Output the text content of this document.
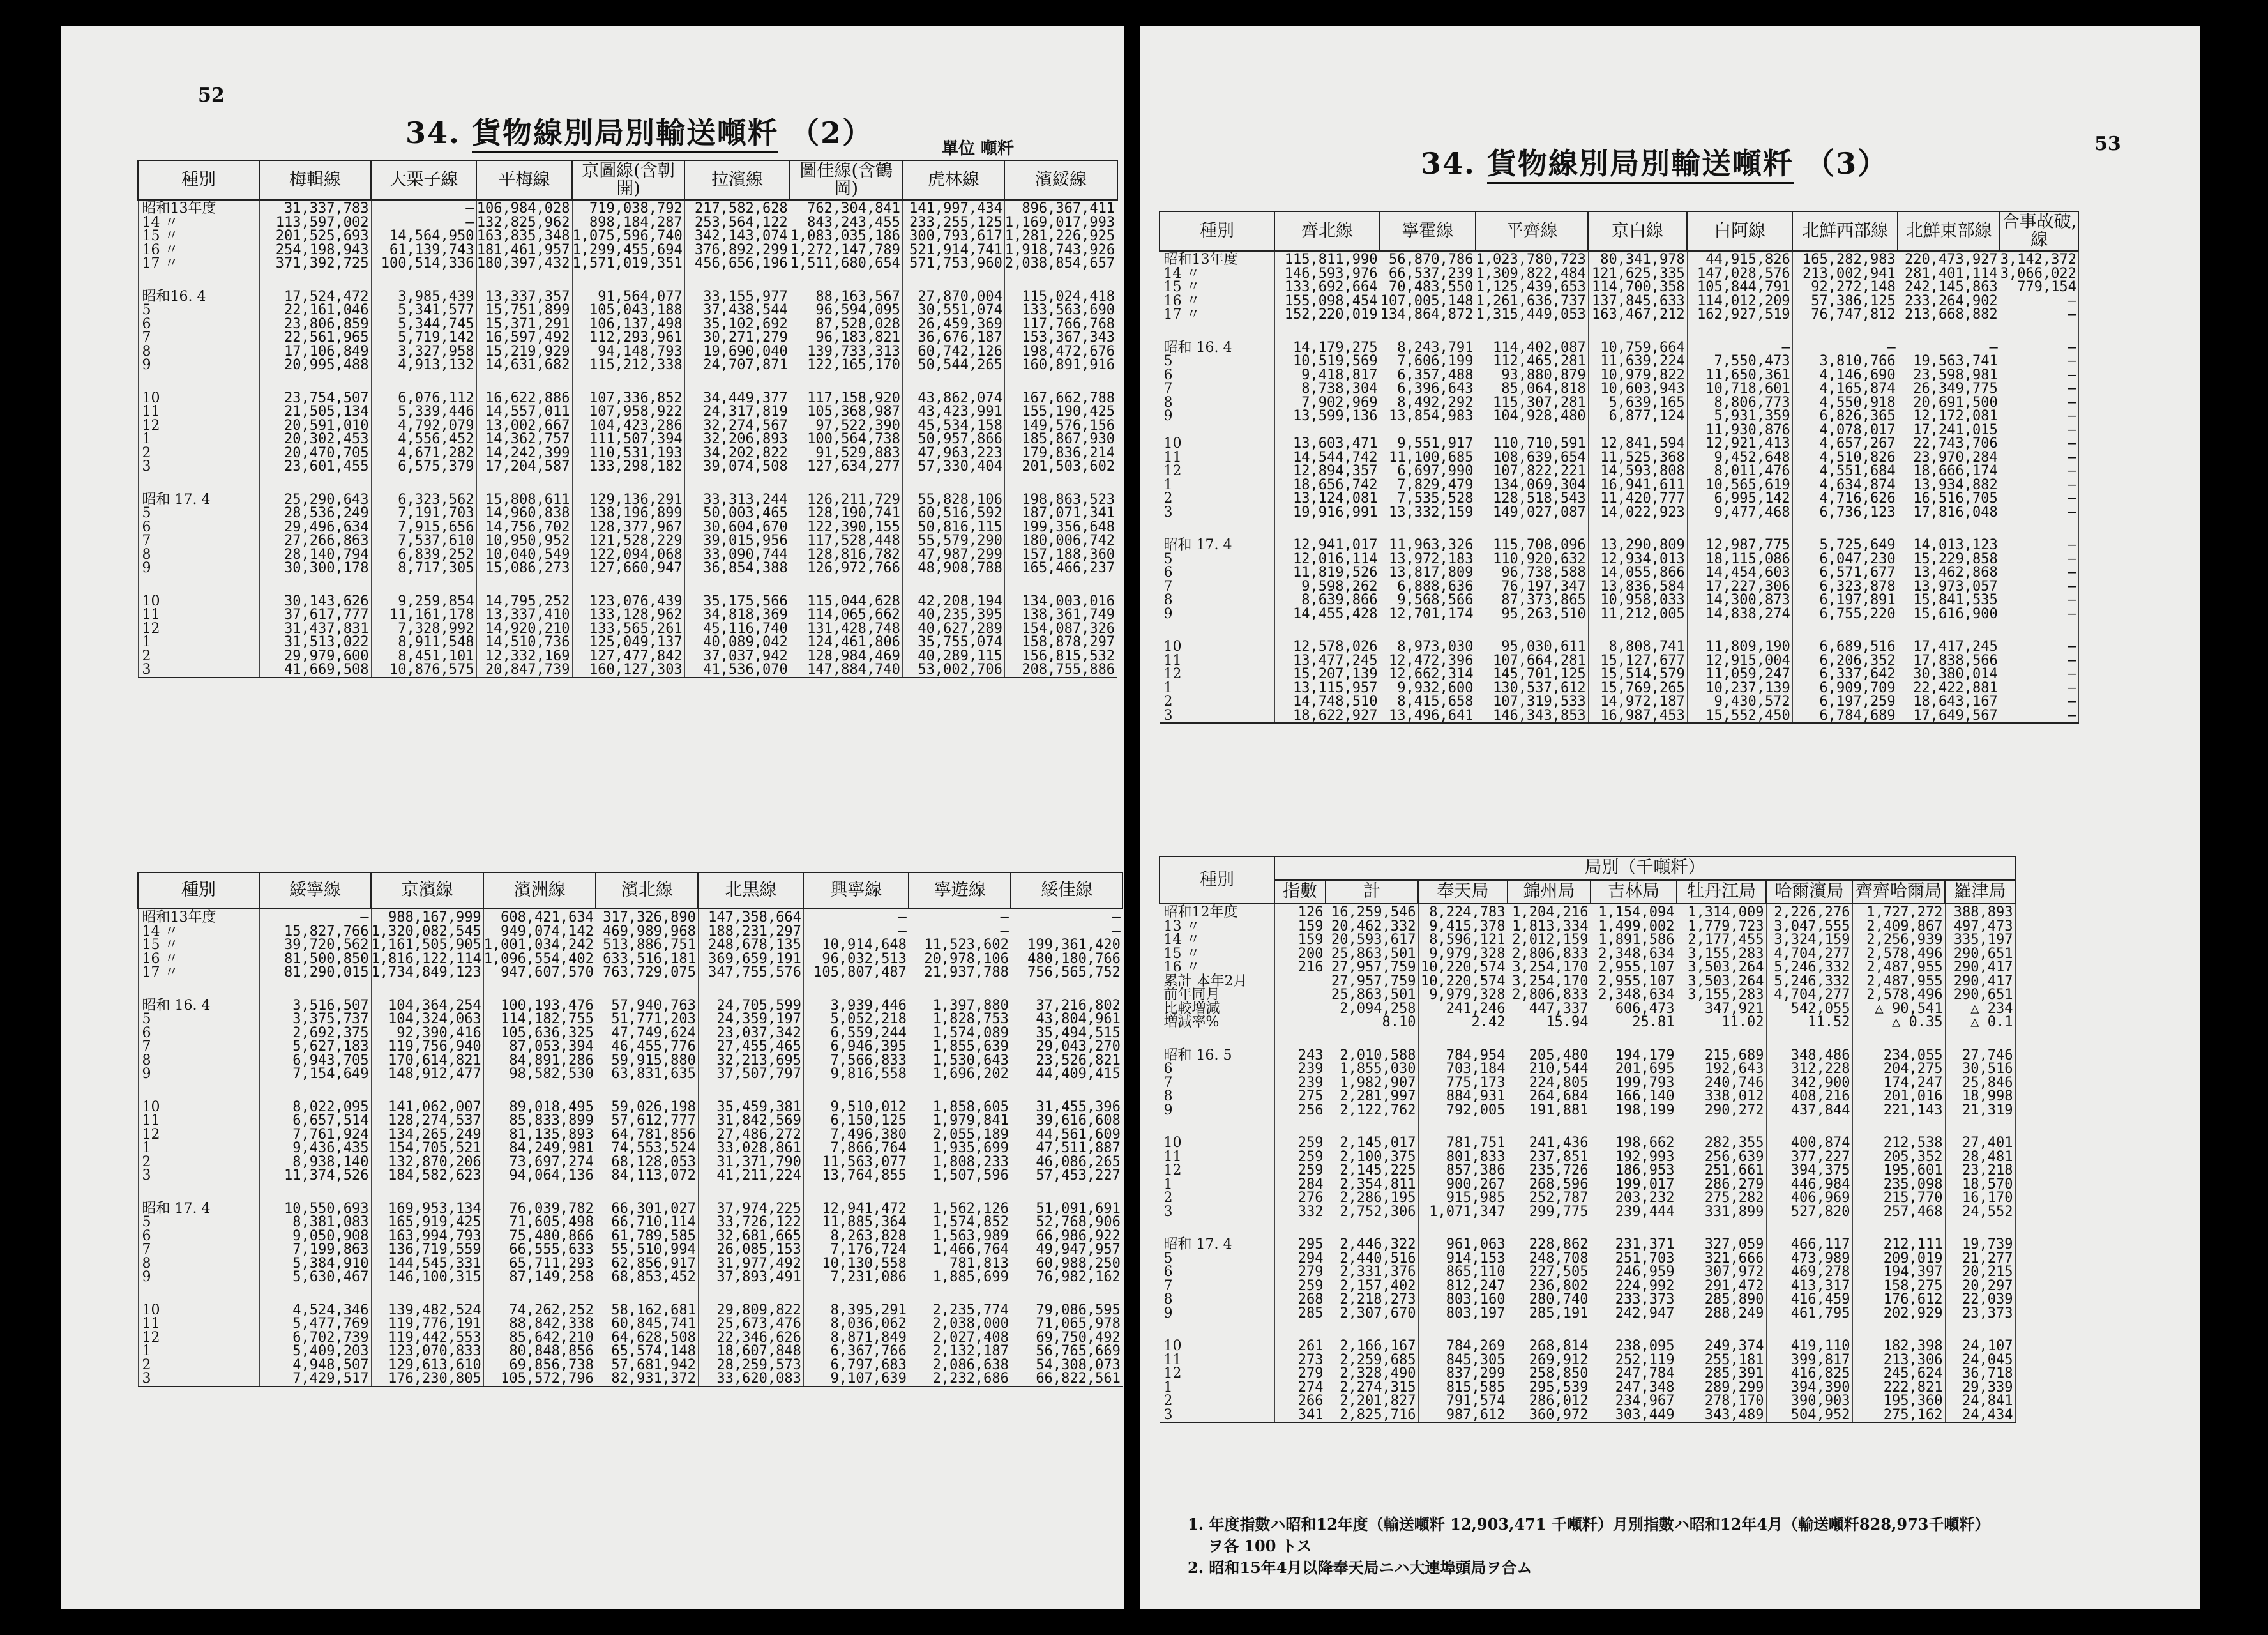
52
34. 貨物線別局別輸送噸粁 （2）	單位 噸粁
種別	梅輯線	大栗子線	平梅線	京圖線(含朝開)	拉濱線	圖佳線(含鶴岡)	虎林線	濱綏線
昭和13年度	31,337,783	—	106,984,028	719,038,792	217,582,628	762,304,841	141,997,434	896,367,411
14 〃	113,597,002	—	132,825,962	898,184,287	253,564,122	843,243,455	233,255,125	1,169,017,993
15 〃	201,525,693	14,564,950	163,835,348	1,075,596,740	342,143,074	1,083,035,186	300,793,617	1,281,226,925
16 〃	254,198,943	61,139,743	181,461,957	1,299,455,694	376,892,299	1,272,147,789	521,914,741	1,918,743,926
17 〃	371,392,725	100,514,336	180,397,432	1,571,019,351	456,656,196	1,511,680,654	571,753,960	2,038,854,657

昭和16. 4	17,524,472	3,985,439	13,337,357	91,564,077	33,155,977	88,163,567	27,870,004	115,024,418
5	22,161,046	5,341,577	15,751,899	105,043,188	37,438,544	96,594,095	30,551,074	133,563,690
6	23,806,859	5,344,745	15,371,291	106,137,498	35,102,692	87,528,028	26,459,369	117,766,768
7	22,561,965	5,719,142	16,597,492	112,293,961	30,271,279	96,183,821	36,676,187	153,367,343
8	17,106,849	3,327,958	15,219,929	94,148,793	19,690,040	139,733,313	60,742,126	198,472,676
9	20,995,488	4,913,132	14,631,682	115,212,338	24,707,871	122,165,170	50,544,265	160,891,916

10	23,754,507	6,076,112	16,622,886	107,336,852	34,449,377	117,158,920	43,862,074	167,662,788
11	21,505,134	5,339,446	14,557,011	107,958,922	24,317,819	105,368,987	43,423,991	155,190,425
12	20,591,010	4,792,079	13,002,667	104,423,286	32,274,567	97,522,390	45,534,158	149,576,156
1	20,302,453	4,556,452	14,362,757	111,507,394	32,206,893	100,564,738	50,957,866	185,867,930
2	20,470,705	4,671,282	14,242,399	110,531,193	34,202,822	91,529,883	47,963,223	179,836,214
3	23,601,455	6,575,379	17,204,587	133,298,182	39,074,508	127,634,277	57,330,404	201,503,602

昭和 17. 4	25,290,643	6,323,562	15,808,611	129,136,291	33,313,244	126,211,729	55,828,106	198,863,523
5	28,536,249	7,191,703	14,960,838	138,196,899	50,003,465	128,190,741	60,516,592	187,071,341
6	29,496,634	7,915,656	14,756,702	128,377,967	30,604,670	122,390,155	50,816,115	199,356,648
7	27,266,863	7,537,610	10,950,952	121,528,229	39,015,956	117,528,448	55,579,290	180,006,742
8	28,140,794	6,839,252	10,040,549	122,094,068	33,090,744	128,816,782	47,987,299	157,188,360
9	30,300,178	8,717,305	15,086,273	127,660,947	36,854,388	126,972,766	48,908,788	165,466,237

10	30,143,626	9,259,854	14,795,252	123,076,439	35,175,566	115,044,628	42,208,194	134,003,016
11	37,617,777	11,161,178	13,337,410	133,128,962	34,818,369	114,065,662	40,235,395	138,361,749
12	31,437,831	7,328,992	14,920,210	133,565,261	45,116,740	131,428,748	40,627,289	154,087,326
1	31,513,022	8,911,548	14,510,736	125,049,137	40,089,042	124,461,806	35,755,074	158,878,297
2	29,979,600	8,451,101	12,332,169	127,477,842	37,037,942	128,984,469	40,289,115	156,815,532
3	41,669,508	10,876,575	20,847,739	160,127,303	41,536,070	147,884,740	53,002,706	208,755,886
種別	綏寧線	京濱線	濱洲線	濱北線	北黒線	興寧線	寧遊線	綏佳線
昭和13年度	—	988,167,999	608,421,634	317,326,890	147,358,664	—	—	—
14 〃	15,827,766	1,320,082,545	949,074,142	469,989,968	188,231,297	—	—	—
15 〃	39,720,562	1,161,505,905	1,001,034,242	513,886,751	248,678,135	10,914,648	11,523,602	199,361,420
16 〃	81,500,850	1,816,122,114	1,096,554,402	633,516,181	369,659,191	96,032,513	20,978,106	480,180,766
17 〃	81,290,015	1,734,849,123	947,607,570	763,729,075	347,755,576	105,807,487	21,937,788	756,565,752

昭和 16. 4	3,516,507	104,364,254	100,193,476	57,940,763	24,705,599	3,939,446	1,397,880	37,216,802
5	3,375,737	104,324,063	114,182,755	51,771,203	24,359,197	5,052,218	1,828,753	43,804,961
6	2,692,375	92,390,416	105,636,325	47,749,624	23,037,342	6,559,244	1,574,089	35,494,515
7	5,627,183	119,756,940	87,053,394	46,455,776	27,455,465	6,946,395	1,855,639	29,043,270
8	6,943,705	170,614,821	84,891,286	59,915,880	32,213,695	7,566,833	1,530,643	23,526,821
9	7,154,649	148,912,477	98,582,530	63,831,635	37,507,797	9,816,558	1,696,202	44,409,415

10	8,022,095	141,062,007	89,018,495	59,026,198	35,459,381	9,510,012	1,858,605	31,455,396
11	6,657,514	128,274,537	85,833,899	57,612,777	31,842,569	6,150,125	1,979,841	39,616,608
12	7,761,924	134,265,249	81,135,893	64,781,856	27,486,272	7,496,380	2,055,189	44,561,609
1	9,436,435	154,705,521	84,249,981	74,553,524	33,028,861	7,866,764	1,935,699	47,511,887
2	8,938,140	132,870,206	73,697,274	68,128,053	31,371,790	11,563,077	1,808,233	46,086,265
3	11,374,526	184,582,623	94,064,136	84,113,072	41,211,224	13,764,855	1,507,596	57,453,227

昭和 17. 4	10,550,693	169,953,134	76,039,782	66,301,027	37,974,225	12,941,472	1,562,126	51,091,691
5	8,381,083	165,919,425	71,605,498	66,710,114	33,726,122	11,885,364	1,574,852	52,768,906
6	9,050,908	163,994,793	75,480,866	61,789,585	32,681,665	8,263,828	1,563,989	66,986,922
7	7,199,863	136,719,559	66,555,633	55,510,994	26,085,153	7,176,724	1,466,764	49,947,957
8	5,384,910	144,545,331	65,711,293	62,856,917	31,977,492	10,130,558	781,813	60,988,250
9	5,630,467	146,100,315	87,149,258	68,853,452	37,893,491	7,231,086	1,885,699	76,982,162

10	4,524,346	139,482,524	74,262,252	58,162,681	29,809,822	8,395,291	2,235,774	79,086,595
11	5,477,769	119,776,191	88,842,338	60,845,741	25,673,476	8,036,062	2,038,000	71,065,978
12	6,702,739	119,442,553	85,642,210	64,628,508	22,346,626	8,871,849	2,027,408	69,750,492
1	5,409,203	123,070,833	80,848,856	65,574,148	18,607,848	6,367,766	2,132,187	56,765,669
2	4,948,507	129,613,610	69,856,738	57,681,942	28,259,573	6,797,683	2,086,638	54,308,073
3	7,429,517	176,230,805	105,572,796	82,931,372	33,620,083	9,107,639	2,232,686	66,822,561
53
34. 貨物線別局別輸送噸粁 （3）
種別	齊北線	寧霍線	平齊線	京白線	白阿線	北鮮西部線	北鮮東部線	合事故破,線
昭和13年度	115,811,990	56,870,786	1,023,780,723	80,341,978	44,915,826	165,282,983	220,473,927	3,142,372
14 〃	146,593,976	66,537,239	1,309,822,484	121,625,335	147,028,576	213,002,941	281,401,114	3,066,022
15 〃	133,692,664	70,483,550	1,125,439,653	114,700,358	105,844,791	92,272,148	242,145,863	779,154
16 〃	155,098,454	107,005,148	1,261,636,737	137,845,633	114,012,209	57,386,125	233,264,902	—
17 〃	152,220,019	134,864,872	1,315,449,053	163,467,212	162,927,519	76,747,812	213,668,882	—

昭和 16. 4	14,179,275	8,243,791	114,402,087	10,759,664	—	—	—	—
5	10,519,569	7,606,199	112,465,281	11,639,224	7,550,473	3,810,766	19,563,741	—
6	9,418,817	6,357,488	93,880,879	10,979,822	11,650,361	4,146,690	23,598,981	—
7	8,738,304	6,396,643	85,064,818	10,603,943	10,718,601	4,165,874	26,349,775	—
8	7,902,969	8,492,292	115,307,281	5,639,165	8,806,773	4,550,918	20,691,500	—
9	13,599,136	13,854,983	104,928,480	6,877,124	5,931,359	6,826,365	12,172,081	—
					11,930,876	4,078,017	17,241,015	—
10	13,603,471	9,551,917	110,710,591	12,841,594	12,921,413	4,657,267	22,743,706	—
11	14,544,742	11,100,685	108,639,654	11,525,368	9,452,648	4,510,826	23,970,284	—
12	12,894,357	6,697,990	107,822,221	14,593,808	8,011,476	4,551,684	18,666,174	—
1	18,656,742	7,829,479	134,069,304	16,941,611	10,565,619	4,634,874	13,934,882	—
2	13,124,081	7,535,528	128,518,543	11,420,777	6,995,142	4,716,626	16,516,705	—
3	19,916,991	13,332,159	149,027,087	14,022,923	9,477,468	6,736,123	17,816,048	—

昭和 17. 4	12,941,017	11,963,326	115,708,096	13,290,809	12,987,775	5,725,649	14,013,123	—
5	12,016,114	13,972,183	110,920,632	12,934,013	18,115,086	6,047,230	15,229,858	—
6	11,819,526	13,817,809	96,738,588	14,055,866	14,454,603	6,571,677	13,462,868	—
7	9,598,262	6,888,636	76,197,347	13,836,584	17,227,306	6,323,878	13,973,057	—
8	8,639,866	9,568,566	87,373,865	10,958,033	14,300,873	6,197,891	15,841,535	—
9	14,455,428	12,701,174	95,263,510	11,212,005	14,838,274	6,755,220	15,616,900	—

10	12,578,026	8,973,030	95,030,611	8,808,741	11,809,190	6,689,516	17,417,245	—
11	13,477,245	12,472,396	107,664,281	15,127,677	12,915,004	6,206,352	17,838,566	—
12	15,207,139	12,662,314	145,701,125	15,514,579	11,059,247	6,337,642	30,380,014	—
1	13,115,957	9,932,600	130,537,612	15,769,265	10,237,139	6,909,709	22,422,881	—
2	14,748,510	8,415,658	107,319,533	14,972,187	9,430,572	6,197,259	18,643,167	—
3	18,622,927	13,496,641	146,343,853	16,987,453	15,552,450	6,784,689	17,649,567	—
種別	局別（千噸粁）								
	指數	計	奉天局	錦州局	吉林局	牡丹江局	哈爾濱局	齊齊哈爾局	羅津局
昭和12年度	126	16,259,546	8,224,783	1,204,216	1,154,094	1,314,009	2,226,276	1,727,272	388,893
13 〃	159	20,462,332	9,415,378	1,813,334	1,499,002	1,779,723	3,047,555	2,409,867	497,473
14 〃	159	20,593,617	8,596,121	2,012,159	1,891,586	2,177,455	3,324,159	2,256,939	335,197
15 〃	200	25,863,501	9,979,328	2,806,833	2,348,634	3,155,283	4,704,277	2,578,496	290,651
16 〃	216	27,957,759	10,220,574	3,254,170	2,955,107	3,503,264	5,246,332	2,487,955	290,417
累計 本年2月		27,957,759	10,220,574	3,254,170	2,955,107	3,503,264	5,246,332	2,487,955	290,417
前年同月		25,863,501	9,979,328	2,806,833	2,348,634	3,155,283	4,704,277	2,578,496	290,651
比較増減		2,094,258	241,246	447,337	606,473	347,921	542,055	△ 90,541	△ 234
増減率%		8.10	2.42	15.94	25.81	11.02	11.52	△ 0.35	△ 0.1

昭和 16. 5	243	2,010,588	784,954	205,480	194,179	215,689	348,486	234,055	27,746
6	239	1,855,030	703,184	210,544	201,695	192,643	312,228	204,275	30,516
7	239	1,982,907	775,173	224,805	199,793	240,746	342,900	174,247	25,846
8	275	2,281,997	884,931	264,684	166,140	338,012	408,216	201,016	18,998
9	256	2,122,762	792,005	191,881	198,199	290,272	437,844	221,143	21,319

10	259	2,145,017	781,751	241,436	198,662	282,355	400,874	212,538	27,401
11	259	2,100,375	801,833	237,851	192,993	256,639	377,227	205,352	28,481
12	259	2,145,225	857,386	235,726	186,953	251,661	394,375	195,601	23,218
1	284	2,354,811	900,267	268,596	199,017	286,279	446,984	235,098	18,570
2	276	2,286,195	915,985	252,787	203,232	275,282	406,969	215,770	16,170
3	332	2,752,306	1,071,347	299,775	239,444	331,899	527,820	257,468	24,552

昭和 17. 4	295	2,446,322	961,063	228,862	231,371	327,059	466,117	212,111	19,739
5	294	2,440,516	914,153	248,708	251,703	321,666	473,989	209,019	21,277
6	279	2,331,376	865,110	227,505	246,959	307,972	469,278	194,397	20,215
7	259	2,157,402	812,247	236,802	224,992	291,472	413,317	158,275	20,297
8	268	2,218,273	803,160	280,740	233,373	285,890	416,459	176,612	22,039
9	285	2,307,670	803,197	285,191	242,947	288,249	461,795	202,929	23,373

10	261	2,166,167	784,269	268,814	238,095	249,374	419,110	182,398	24,107
11	273	2,259,685	845,305	269,912	252,119	255,181	399,817	213,306	24,045
12	279	2,328,490	837,299	258,850	247,784	285,391	416,825	245,624	36,718
1	274	2,274,315	815,585	295,539	247,348	289,299	394,390	222,821	29,339
2	266	2,201,827	791,574	286,012	234,967	278,170	390,903	195,360	24,841
3	341	2,825,716	987,612	360,972	303,449	343,489	504,952	275,162	24,434
1. 年度指數ハ昭和12年度（輸送噸粁 12,903,471 千噸粁）月別指數ハ昭和12年4月（輸送噸粁828,973千噸粁）
ヲ各 100 トス
2. 昭和15年4月以降奉天局ニハ大連埠頭局ヲ合ム
